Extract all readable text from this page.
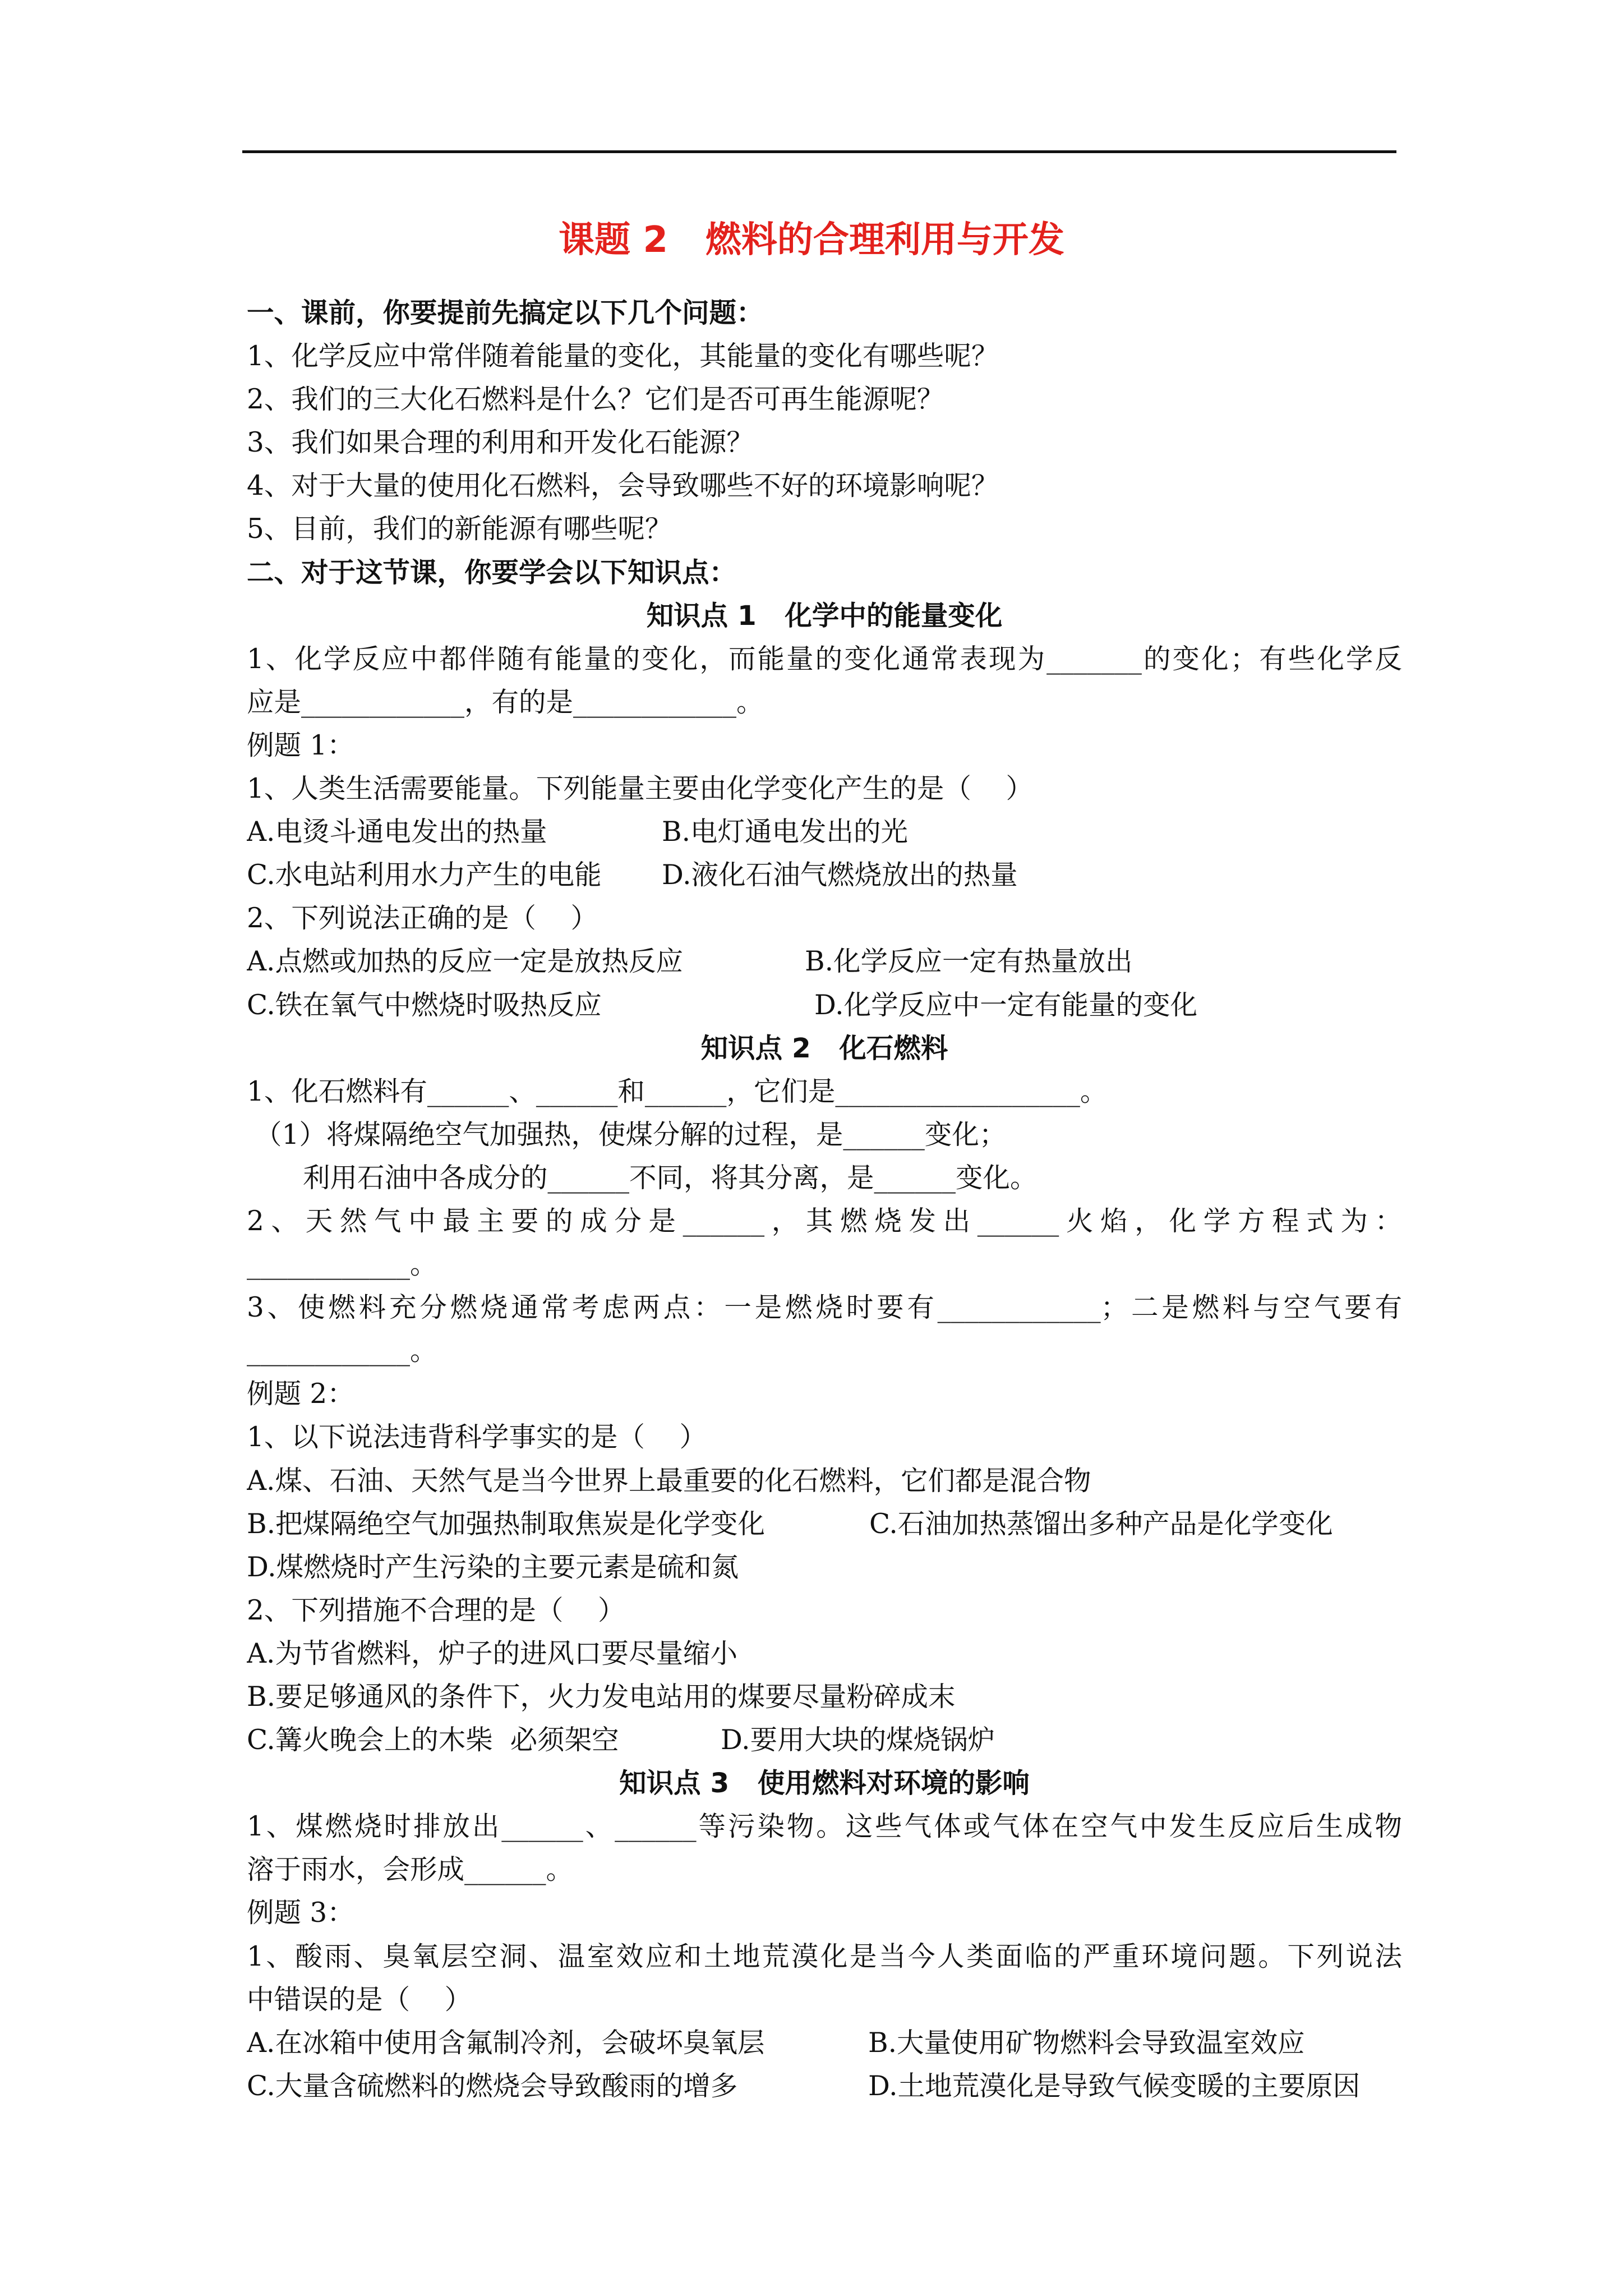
课题 2   燃料的合理利用与开发
一、课前，你要提前先搞定以下几个问题：
1、化学反应中常伴随着能量的变化，其能量的变化有哪些呢？
2、我们的三大化石燃料是什么？它们是否可再生能源呢？
3、我们如果合理的利用和开发化石能源？
4、对于大量的使用化石燃料，会导致哪些不好的环境影响呢？
5、目前，我们的新能源有哪些呢？
二、对于这节课，你要学会以下知识点：
知识点 1   化学中的能量变化
1、化学反应中都伴随有能量的变化，而能量的变化通常表现为_______的变化；有些化学反
应是____________，有的是____________。
例题 1：
1、人类生活需要能量。下列能量主要由化学变化产生的是（    ）
A.电烫斗通电发出的热量	B.电灯通电发出的光
C.水电站利用水力产生的电能	D.液化石油气燃烧放出的热量
2、下列说法正确的是（    ）
A.点燃或加热的反应一定是放热反应	B.化学反应一定有热量放出
C.铁在氧气中燃烧时吸热反应	D.化学反应中一定有能量的变化
知识点 2   化石燃料
1、化石燃料有______、______和______，它们是__________________。
（1）将煤隔绝空气加强热，使煤分解的过程，是______变化；
利用石油中各成分的______不同，将其分离，是______变化。
2、天然气中最主要的成分是______，其燃烧发出______火焰，化学方程式为：
____________。
3、使燃料充分燃烧通常考虑两点：一是燃烧时要有____________；二是燃料与空气要有
____________。
例题 2：
1、以下说法违背科学事实的是（    ）
A.煤、石油、天然气是当今世界上最重要的化石燃料，它们都是混合物
B.把煤隔绝空气加强热制取焦炭是化学变化	C.石油加热蒸馏出多种产品是化学变化
D.煤燃烧时产生污染的主要元素是硫和氮
2、下列措施不合理的是（    ）
A.为节省燃料，炉子的进风口要尽量缩小
B.要足够通风的条件下，火力发电站用的煤要尽量粉碎成末
C.篝火晚会上的木柴  必须架空	D.要用大块的煤烧锅炉
知识点 3   使用燃料对环境的影响
1、煤燃烧时排放出______、______等污染物。这些气体或气体在空气中发生反应后生成物
溶于雨水，会形成______。
例题 3：
1、酸雨、臭氧层空洞、温室效应和土地荒漠化是当今人类面临的严重环境问题。下列说法
中错误的是（    ）
A.在冰箱中使用含氟制冷剂，会破坏臭氧层	B.大量使用矿物燃料会导致温室效应
C.大量含硫燃料的燃烧会导致酸雨的增多	D.土地荒漠化是导致气候变暖的主要原因
